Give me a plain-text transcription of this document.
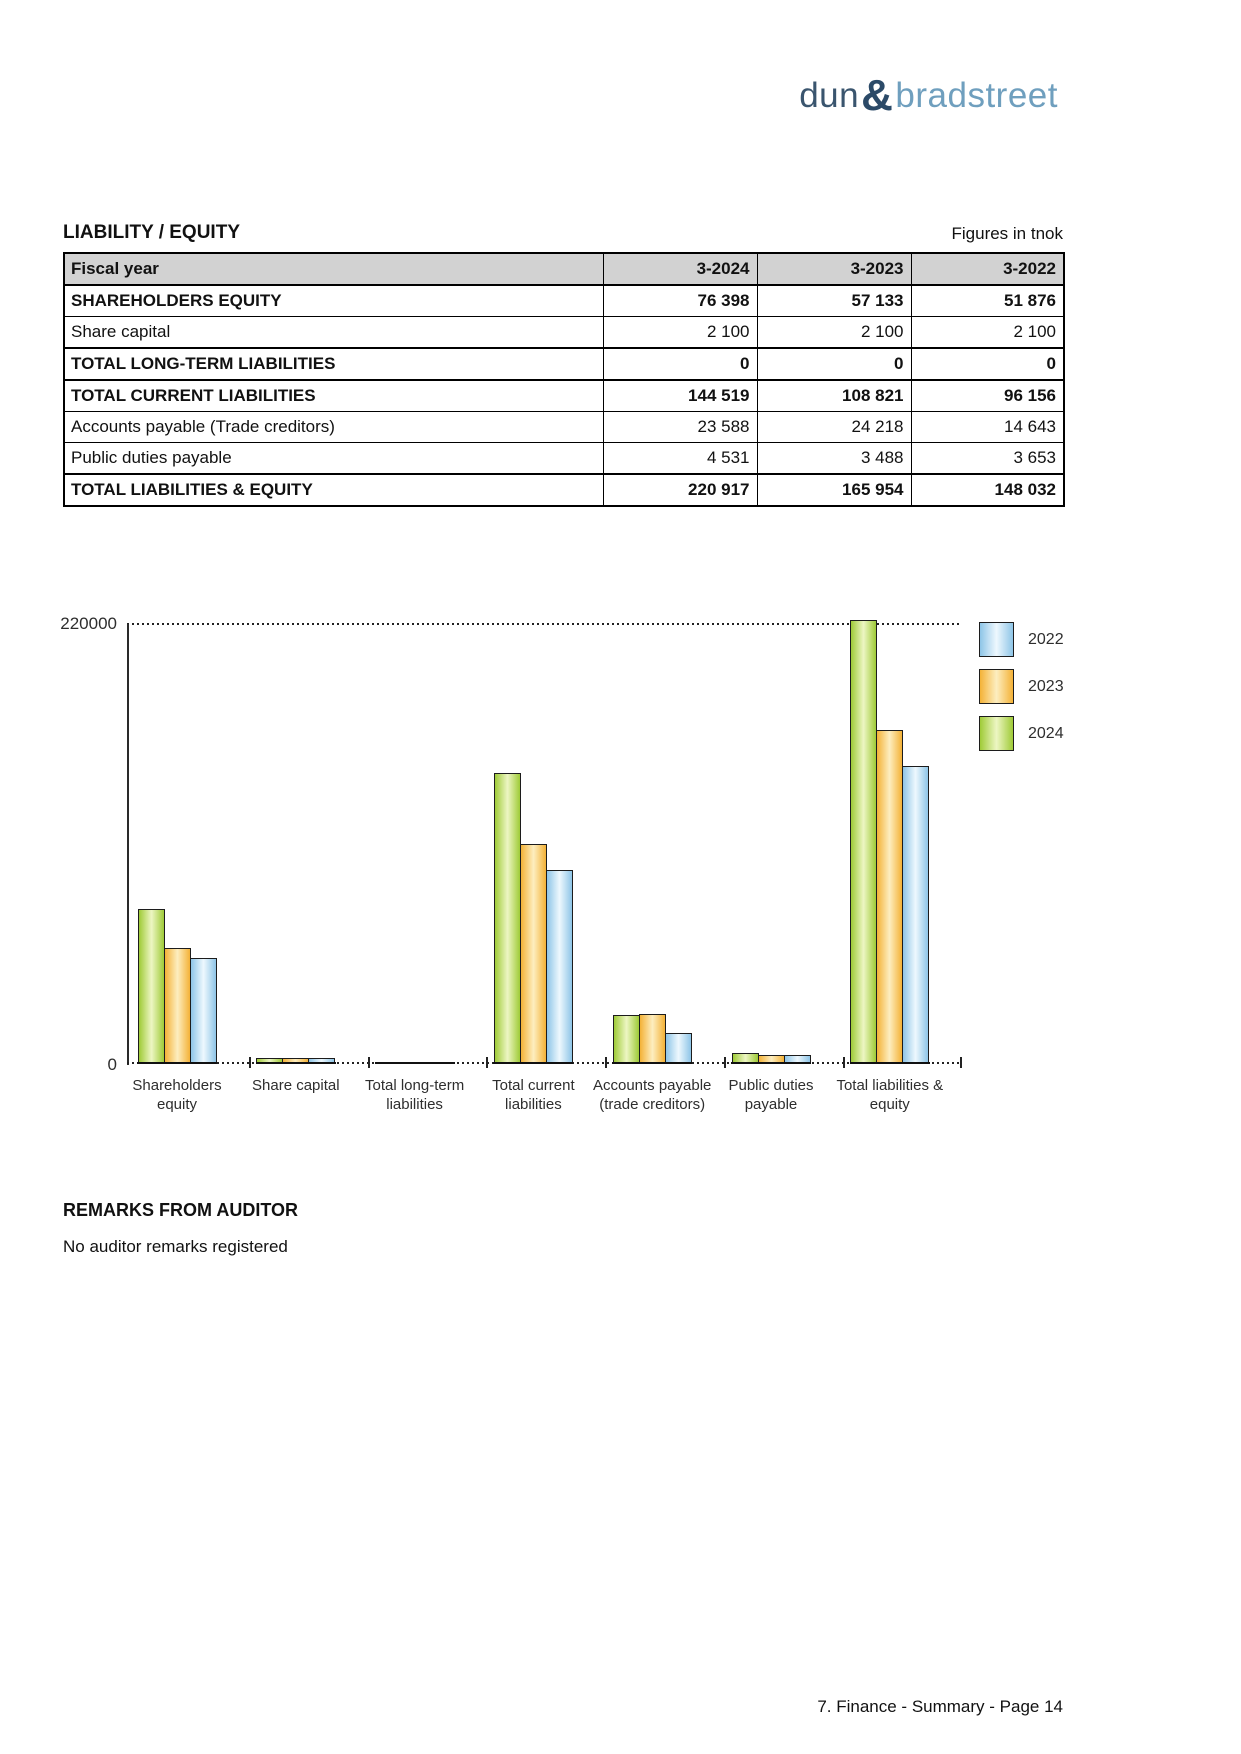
dun&bradstreet
LIABILITY / EQUITY	Figures in tnok
Fiscal year	3-2024	3-2023	3-2022
SHAREHOLDERS EQUITY	76 398	57 133	51 876
Share capital	2 100	2 100	2 100
TOTAL LONG-TERM LIABILITIES	0	0	0
TOTAL CURRENT LIABILITIES	144 519	108 821	96 156
Accounts payable (Trade creditors)	23 588	24 218	14 643
Public duties payable	4 531	3 488	3 653
TOTAL LIABILITIES & EQUITY	220 917	165 954	148 032
220000
0
Shareholders
equity
Share capital	Total long-term
liabilities
Total current
liabilities
Accounts payable
(trade creditors)
Public duties
payable
Total liabilities &
equity
2022
2023
2024
REMARKS FROM AUDITOR
No auditor remarks registered
7. Finance - Summary - Page 14
